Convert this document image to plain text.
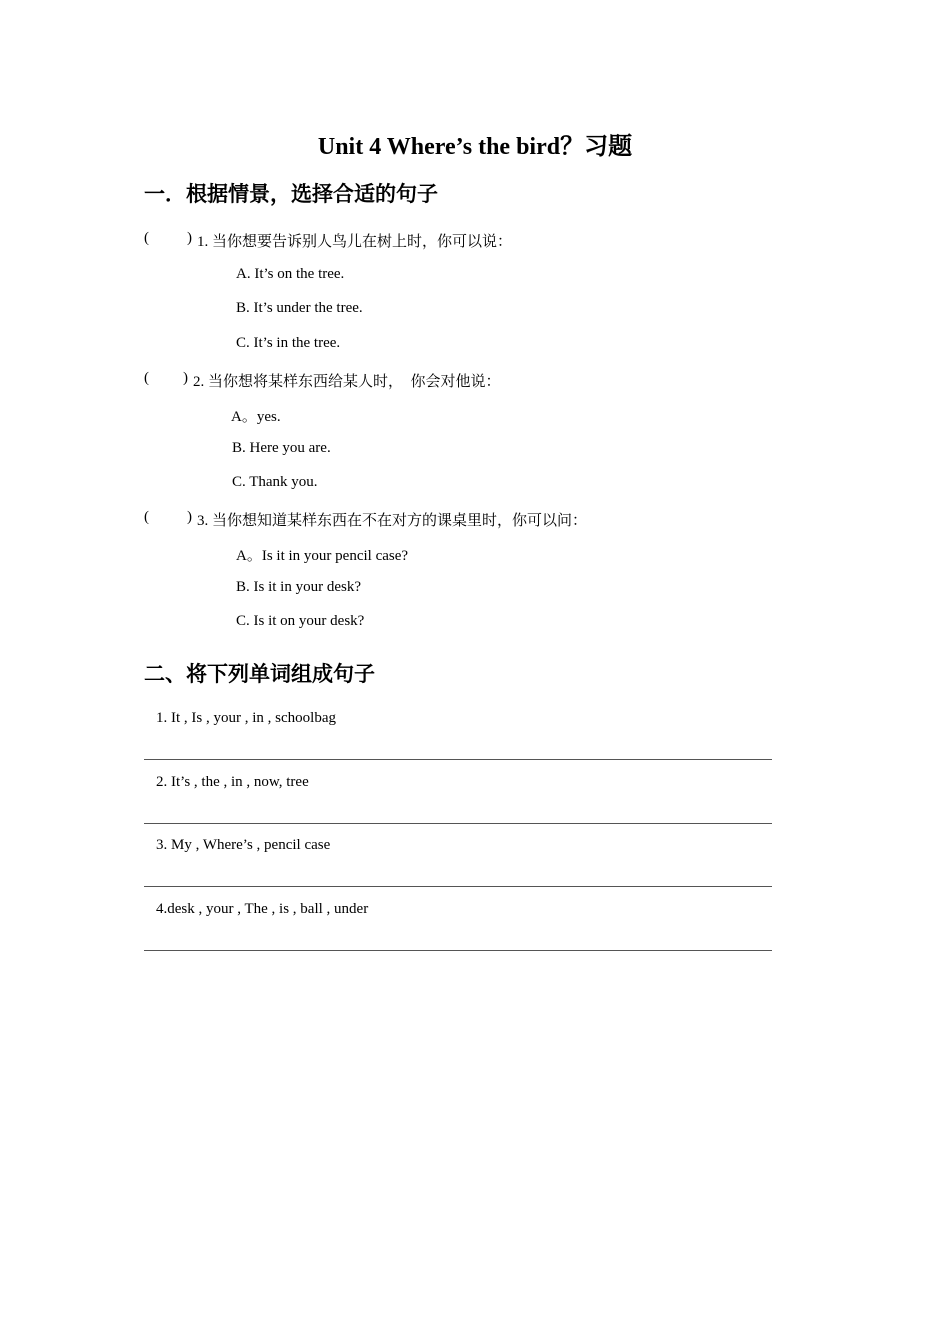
Unit 4 Where’s the bird？习题
一．根据情景，选择合适的句子
(	) 1. 当你想要告诉别人鸟儿在树上时，你可以说：
A. It’s on the tree.
B. It’s under the tree.
C. It’s in the tree.
( ) 2. 当你想将某样东西给某人时，　你会对他说：
A。yes.
B. Here you are.
C. Thank you.
(	) 3. 当你想知道某样东西在不在对方的课桌里时，你可以问：
A。Is it in your pencil case?
B. Is it in your desk?
C. Is it on your desk?
二、将下列单词组成句子
1. It , Is , your , in , schoolbag
2. It’s , the , in , now, tree
3. My , Where’s , pencil case
4.desk , your , The , is , ball , under
